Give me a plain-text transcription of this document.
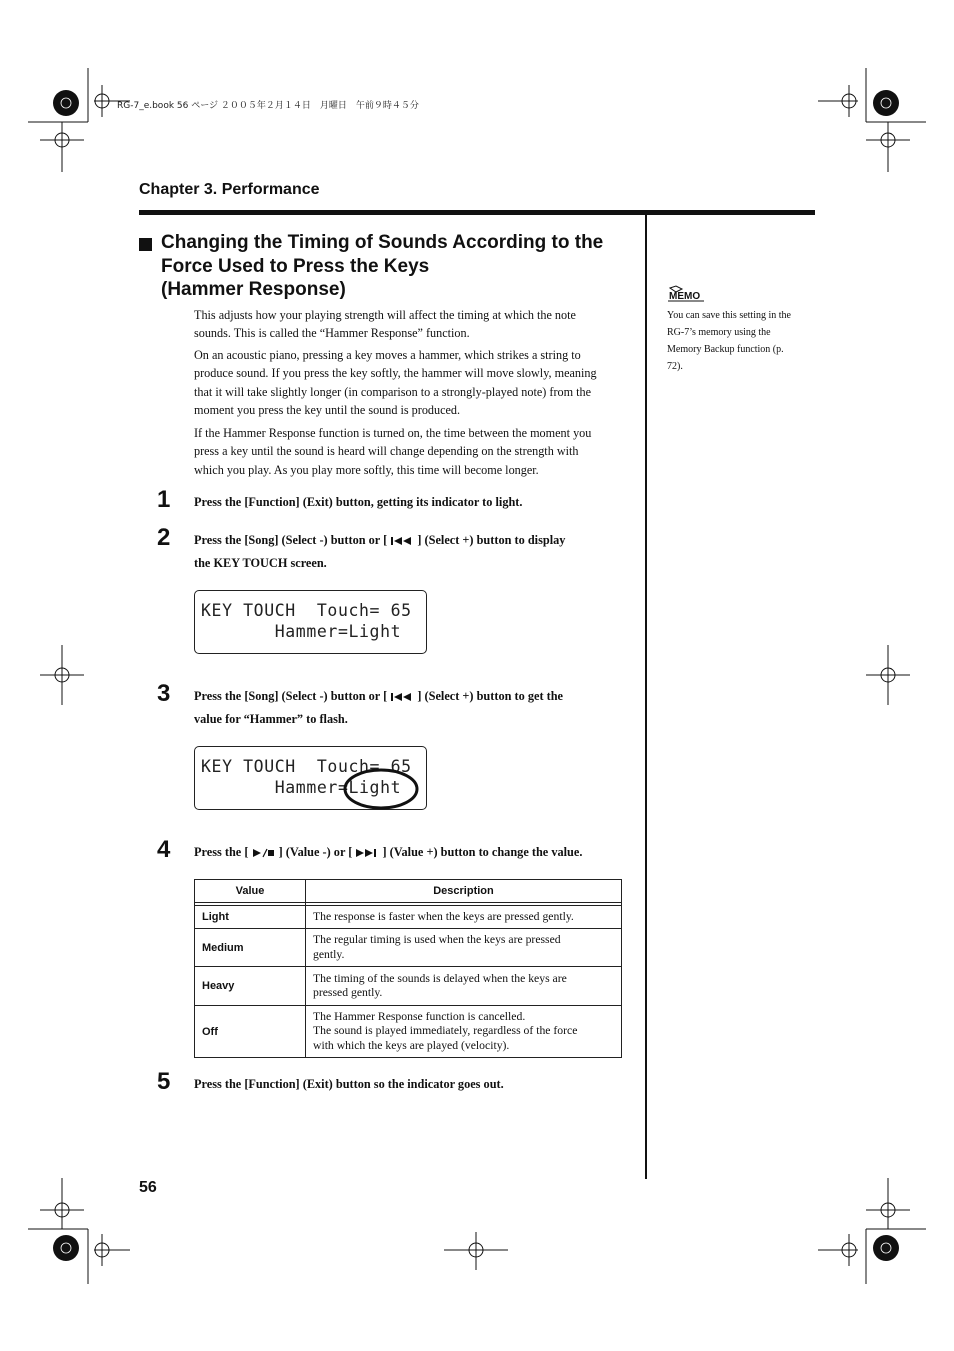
RG-7_e.book 56 ページ ２００５年２月１４日　月曜日　午前９時４５分
Chapter 3. Performance
Changing the Timing of Sounds According to the
Force Used to Press the Keys
(Hammer Response)

This adjusts how your playing strength will affect the timing at which the note

sounds. This is called the “Hammer Response” function.

On an acoustic piano, pressing a key moves a hammer, which strikes a string to

produce sound. If you press the key softly, the hammer will move slowly, meaning

that it will take slightly longer (in comparison to a strongly-played note) from the

moment you press the key until the sound is produced.

If the Hammer Response function is turned on, the time between the moment you

press a key until the sound is heard will change depending on the strength with

which you play. As you play more softly, this time will become longer.

1 Press the [Function] (Exit) button, getting its indicator to light.
2 Press the [Song] (Select -) button or [ ] (Select +) button to display
the KEY TOUCH screen.
KEY TOUCH  Touch= 65
Hammer=Light
3 Press the [Song] (Select -) button or [ ] (Select +) button to get the
value for “Hammer” to flash.
KEY TOUCH  Touch= 65
Hammer=Light
4 Press the [ ] (Value -) or [ ] (Value +) button to change the value.
Value	Description

Light	The response is faster when the keys are pressed gently.
Medium	The regular timing is used when the keys are pressed
gently.
Heavy	The timing of the sounds is delayed when the keys are
pressed gently.
Off	The Hammer Response function is cancelled.
The sound is played immediately, regardless of the force
with which the keys are played (velocity).
5 Press the [Function] (Exit) button so the indicator goes out.
56
MEMO
You can save this setting in the
RG-7’s memory using the
Memory Backup function (p.
72).
